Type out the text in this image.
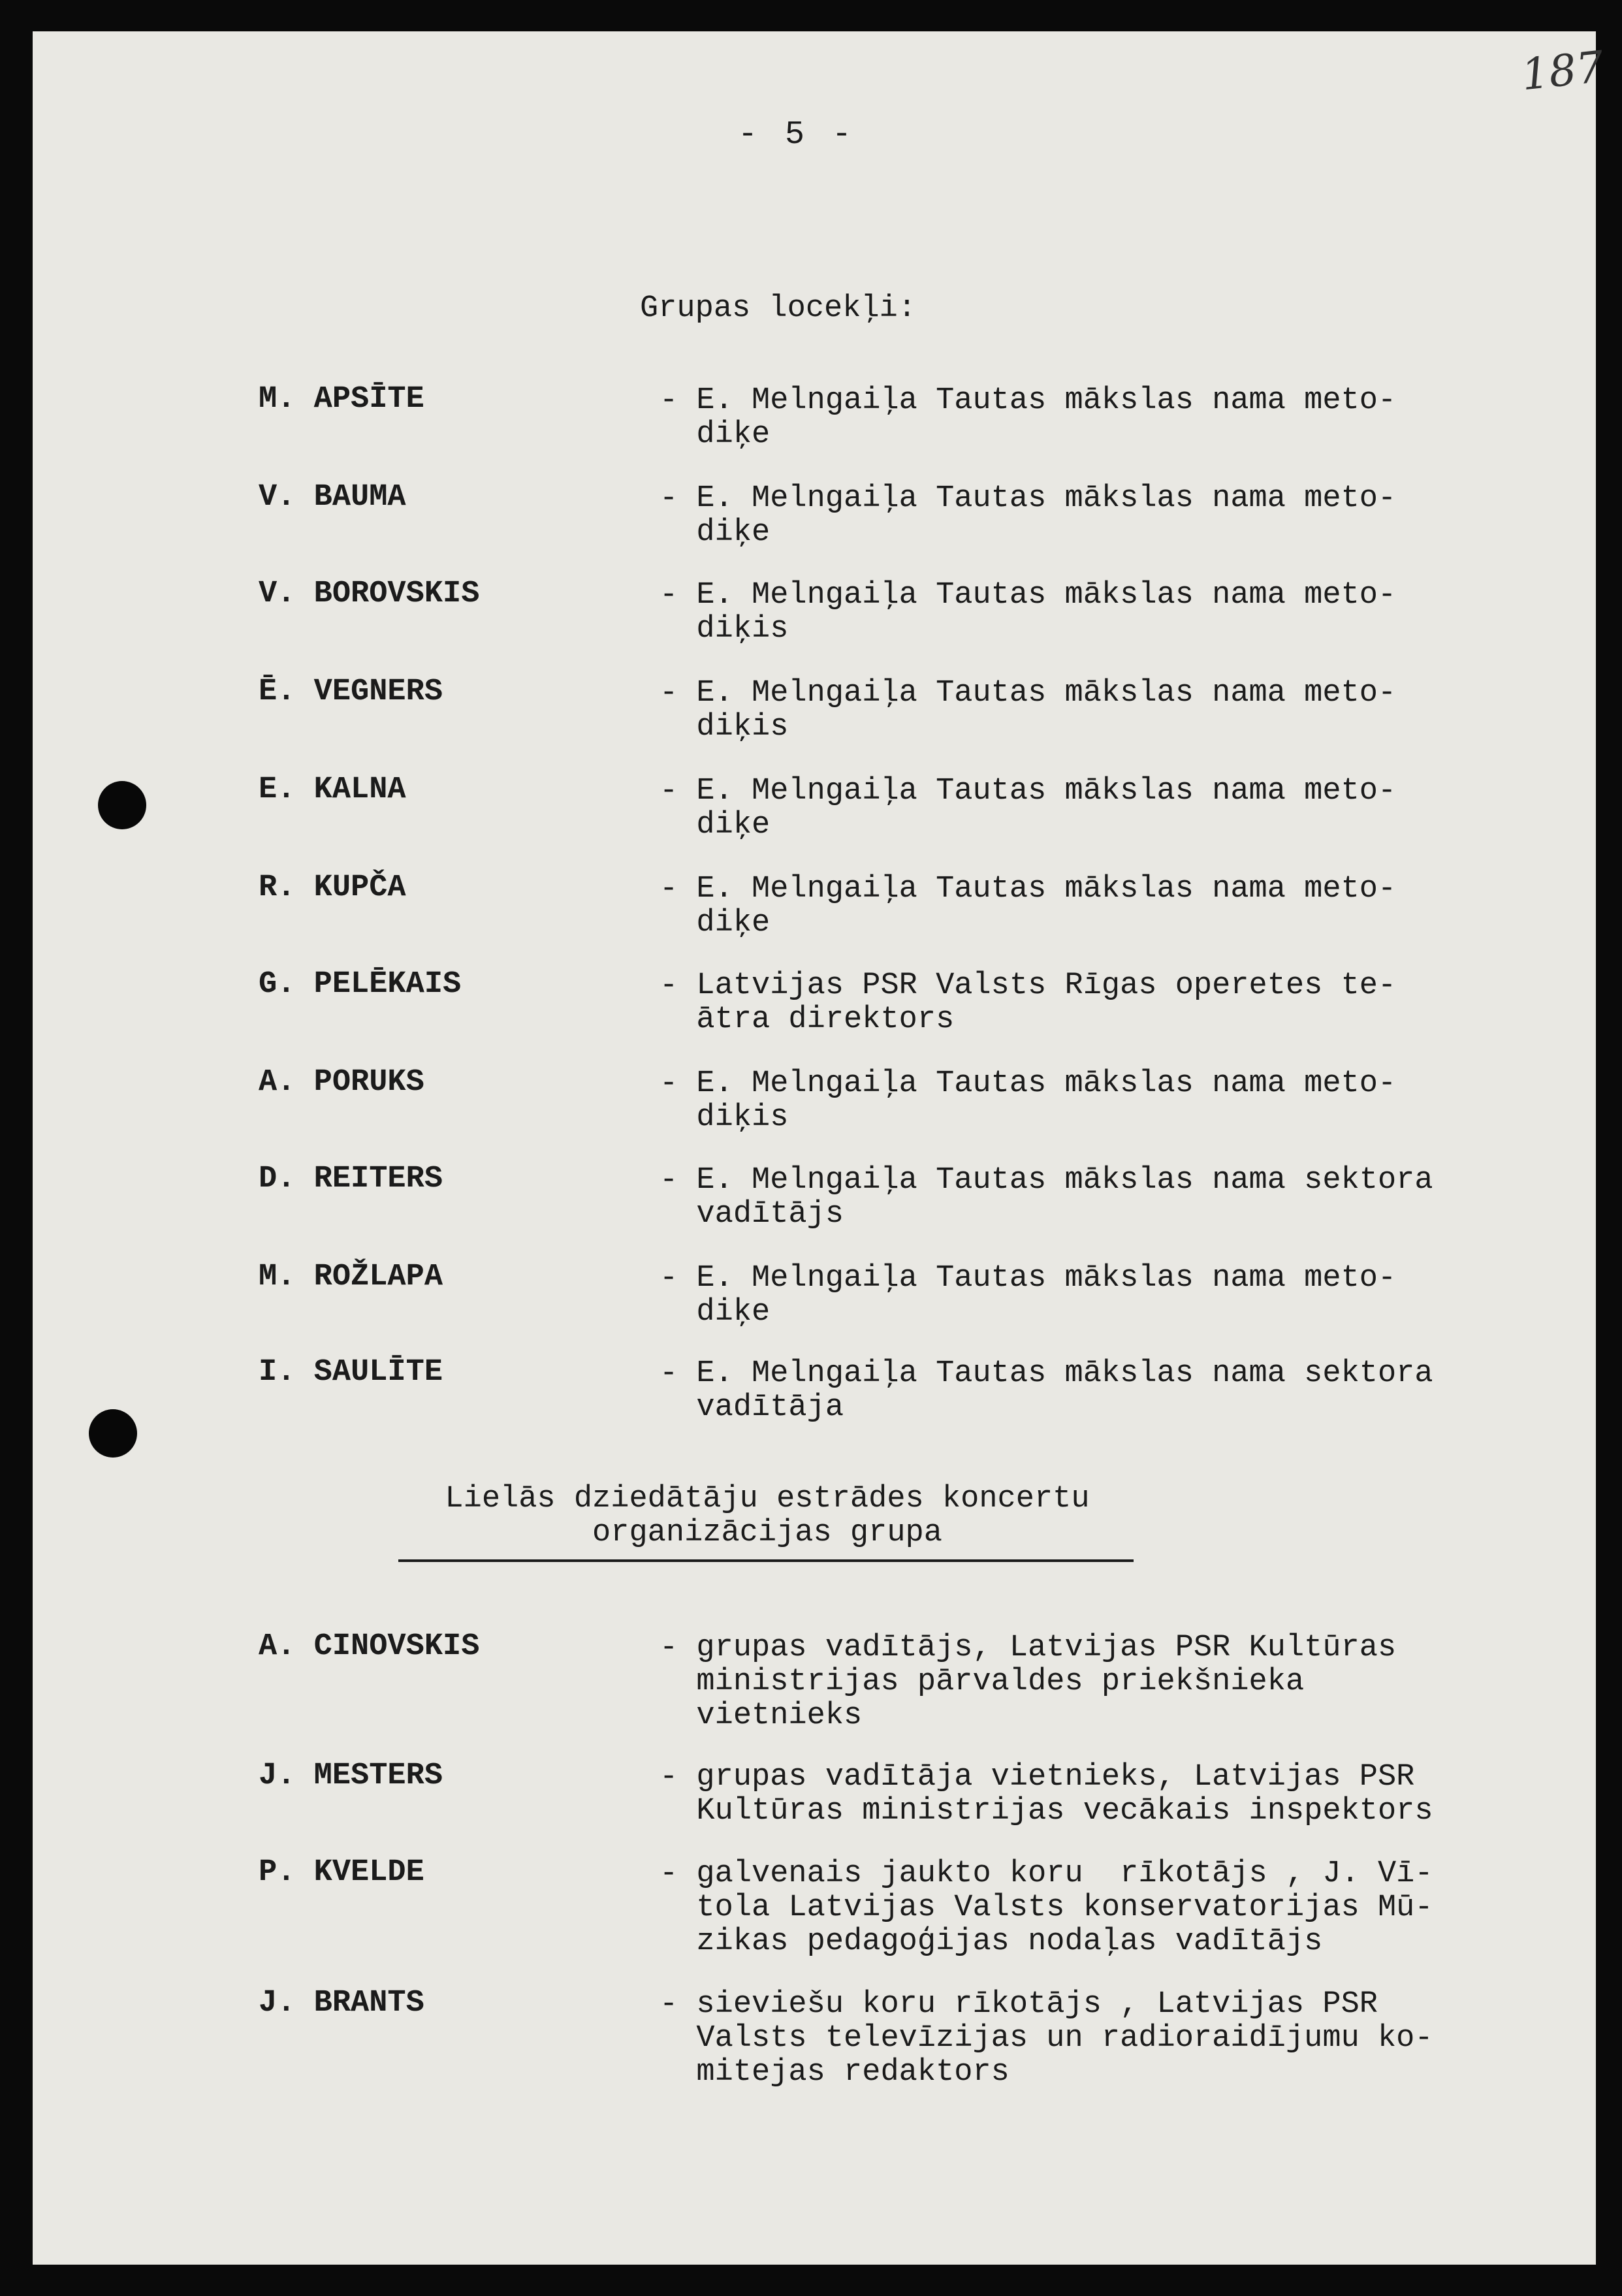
187
- 5 -
Grupas locekļi:
M. APSĪTE	- E. Melngaiļa Tautas mākslas nama meto-
diķe
V. BAUMA	- E. Melngaiļa Tautas mākslas nama meto-
diķe
V. BOROVSKIS	- E. Melngaiļa Tautas mākslas nama meto-
diķis
Ē. VEGNERS	- E. Melngaiļa Tautas mākslas nama meto-
diķis
E. KALNA	- E. Melngaiļa Tautas mākslas nama meto-
diķe
R. KUPČA	- E. Melngaiļa Tautas mākslas nama meto-
diķe
G. PELĒKAIS	- Latvijas PSR Valsts Rīgas operetes te-
ātra direktors
A. PORUKS	- E. Melngaiļa Tautas mākslas nama meto-
diķis
D. REITERS	- E. Melngaiļa Tautas mākslas nama sektora
vadītājs
M. ROŽLAPA	- E. Melngaiļa Tautas mākslas nama meto-
diķe
I. SAULĪTE	- E. Melngaiļa Tautas mākslas nama sektora
vadītāja
Lielās dziedātāju estrādes koncertu
organizācijas grupa
A. CINOVSKIS	- grupas vadītājs, Latvijas PSR Kultūras
ministrijas pārvaldes priekšnieka
vietnieks
J. MESTERS	- grupas vadītāja vietnieks, Latvijas PSR
Kultūras ministrijas vecākais inspektors
P. KVELDE	- galvenais jaukto koru  rīkotājs , J. Vī-
tola Latvijas Valsts konservatorijas Mū-
zikas pedagoģijas nodaļas vadītājs
J. BRANTS	- sieviešu koru rīkotājs , Latvijas PSR
Valsts televīzijas un radioraidījumu ko-
mitejas redaktors
